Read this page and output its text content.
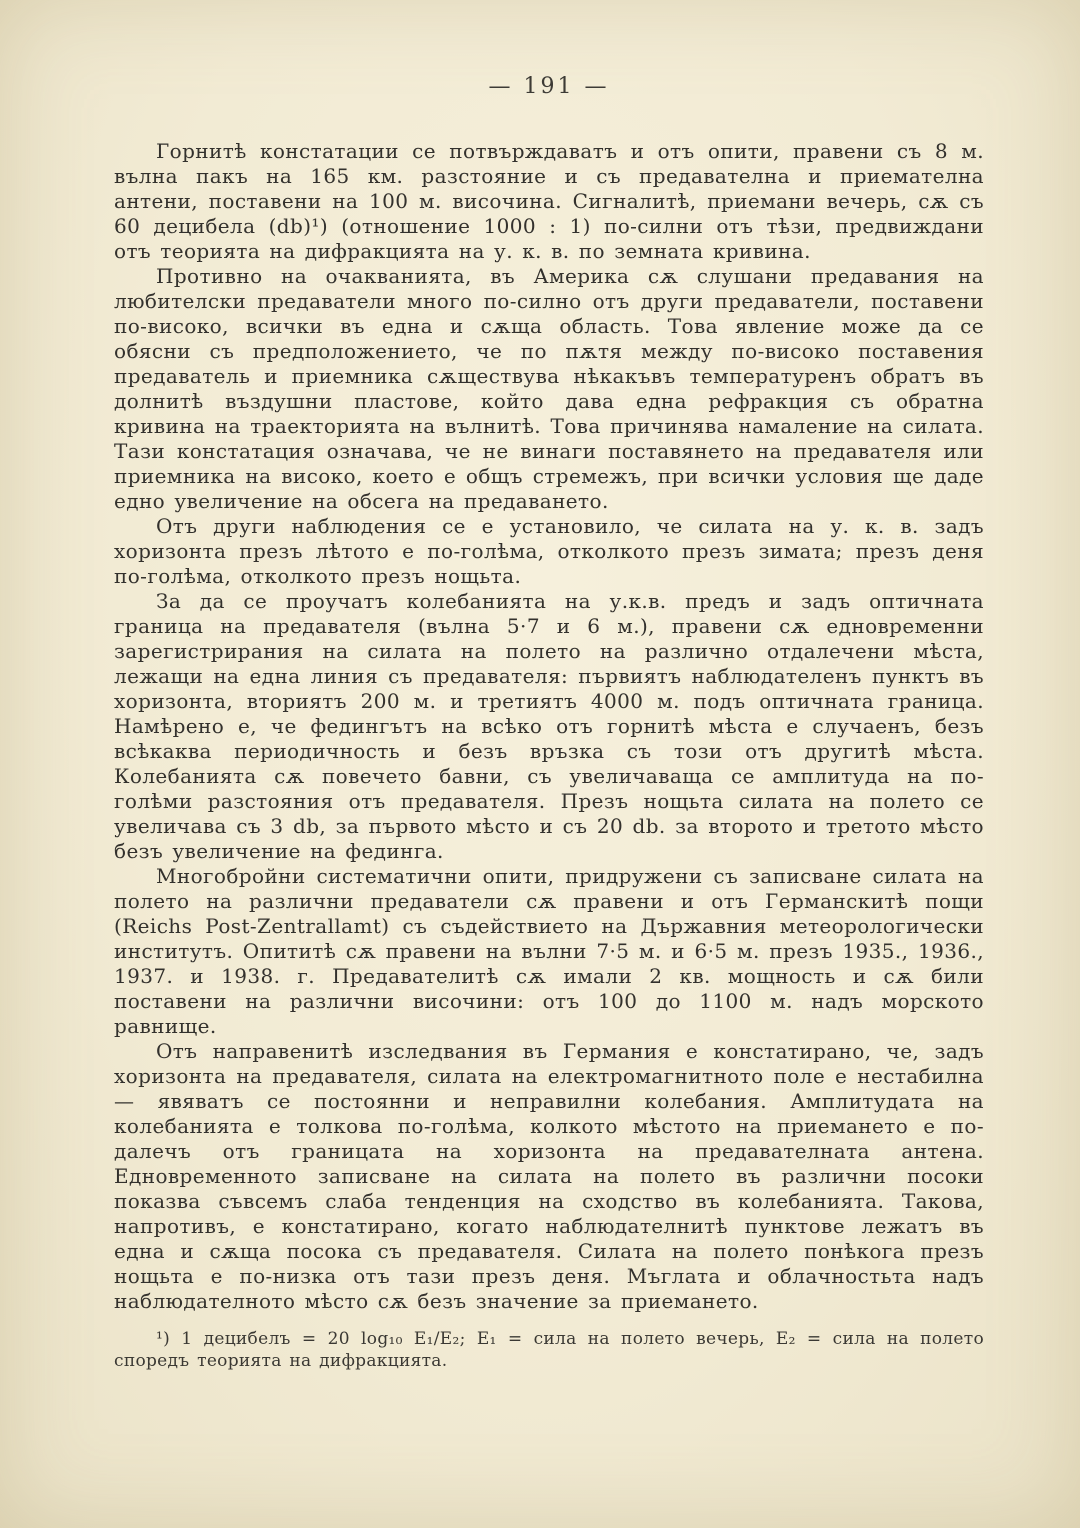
— 191 —

Горнитѣ констатации се потвърждаватъ и отъ опити, правени съ 8 м. вълна пакъ на 165 км. разстояние и съ предавателна и приемателна антени, поставени на 100 м. височина. Сигналитѣ, приемани вечерь, сѫ съ 60 децибела (db)¹) (отношение 1000 : 1) по-силни отъ тѣзи, предвиждани отъ теорията на дифракцията на у. к. в. по земната кривина.

Противно на очакванията, въ Америка сѫ слушани предавания на любителски предаватели много по-силно отъ други предаватели, поставени по-високо, всички въ една и сѫща область. Това явление може да се обясни съ предположението, че по пѫтя между по-високо поставения предаватель и приемника сѫществува нѣкакъвъ температуренъ обратъ въ долнитѣ въздушни пластове, който дава една рефракция съ обратна кривина на траекторията на вълнитѣ. Това причинява намаление на силата. Тази констатация означава, че не винаги поставянето на предавателя или приемника на високо, което е общъ стремежъ, при всички условия ще даде едно увеличение на обсега на предаването.

Отъ други наблюдения се е установило, че силата на у. к. в. задъ хоризонта презъ лѣтото е по-голѣма, отколкото презъ зимата; презъ деня по-голѣма, отколкото презъ нощьта.

За да се проучатъ колебанията на у.к.в. предъ и задъ оптичната граница на предавателя (вълна 5·7 и 6 м.), правени сѫ едновременни зарегистрирания на силата на полето на различно отдалечени мѣста, лежащи на една линия съ предавателя: първиятъ наблюдателенъ пунктъ въ хоризонта, вториятъ 200 м. и третиятъ 4000 м. подъ оптичната граница. Намѣрено е, че федингътъ на всѣко отъ горнитѣ мѣста е случаенъ, безъ всѣкаква периодичность и безъ връзка съ този отъ другитѣ мѣста. Колебанията сѫ повечето бавни, съ увеличаваща се амплитуда на по-голѣми разстояния отъ предавателя. Презъ нощьта силата на полето се увеличава съ 3 db, за първото мѣсто и съ 20 db. за второто и третото мѣсто безъ увеличение на фединга.

Многобройни систематични опити, придружени съ записване силата на полето на различни предаватели сѫ правени и отъ Германскитѣ пощи (Reichs Post-Zentrallamt) съ съдействието на Държавния метеорологически институтъ. Опититѣ сѫ правени на вълни 7·5 м. и 6·5 м. презъ 1935., 1936., 1937. и 1938. г. Предавателитѣ сѫ имали 2 кв. мощность и сѫ били поставени на различни височини: отъ 100 до 1100 м. надъ морското равнище.

Отъ направенитѣ изследвания въ Германия е констатирано, че, задъ хоризонта на предавателя, силата на електромагнитното поле е нестабилна — явяватъ се постоянни и неправилни колебания. Амплитудата на колебанията е толкова по-голѣма, колкото мѣстото на приемането е по-далечъ отъ границата на хоризонта на предавателната антена. Едновременното записване на силата на полето въ различни посоки показва съвсемъ слаба тенденция на сходство въ колебанията. Такова, напротивъ, е констатирано, когато наблюдателнитѣ пунктове лежатъ въ една и сѫща посока съ предавателя. Силата на полето понѣкога презъ нощьта е по-низка отъ тази презъ деня. Мъглата и облачностьта надъ наблюдателното мѣсто сѫ безъ значение за приемането.

¹) 1 децибелъ = 20 log₁₀ E₁/E₂; E₁ = сила на полето вечерь, E₂ = сила на полето споредъ теорията на дифракцията.
